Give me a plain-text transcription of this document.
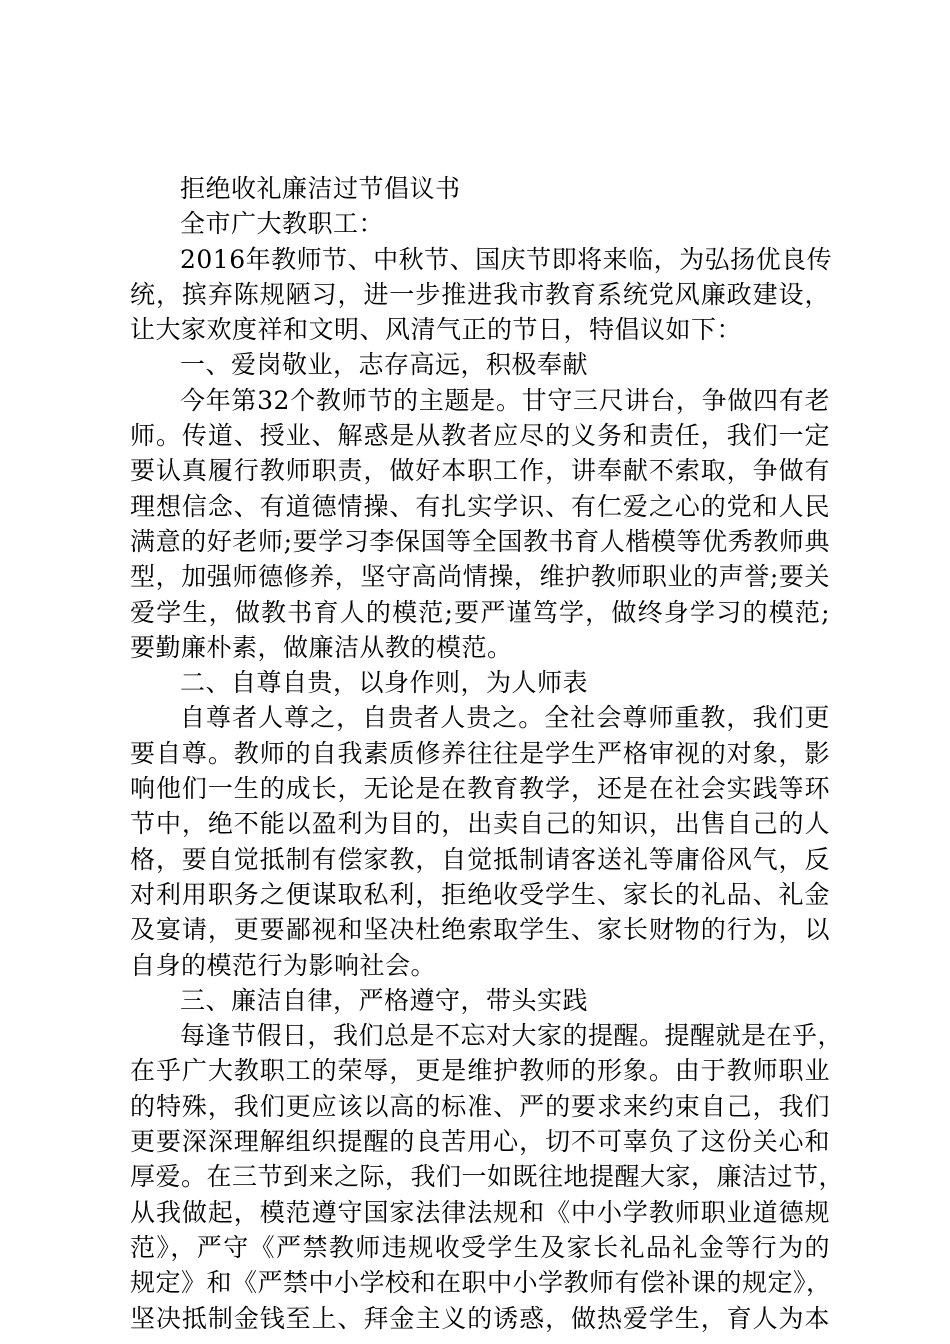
拒绝收礼廉洁过节倡议书
全市广大教职工：
2016年教师节、中秋节、国庆节即将来临，为弘扬优良传
统，摈弃陈规陋习，进一步推进我市教育系统党风廉政建设，
让大家欢度祥和文明、风清气正的节日，特倡议如下：
一、爱岗敬业，志存高远，积极奉献
今年第32个教师节的主题是。甘守三尺讲台，争做四有老
师。传道、授业、解惑是从教者应尽的义务和责任，我们一定
要认真履行教师职责，做好本职工作，讲奉献不索取，争做有
理想信念、有道德情操、有扎实学识、有仁爱之心的党和人民
满意的好老师;要学习李保国等全国教书育人楷模等优秀教师典
型，加强师德修养，坚守高尚情操，维护教师职业的声誉;要关
爱学生，做教书育人的模范;要严谨笃学，做终身学习的模范;
要勤廉朴素，做廉洁从教的模范。
二、自尊自贵，以身作则，为人师表
自尊者人尊之，自贵者人贵之。全社会尊师重教，我们更
要自尊。教师的自我素质修养往往是学生严格审视的对象，影
响他们一生的成长，无论是在教育教学，还是在社会实践等环
节中，绝不能以盈利为目的，出卖自己的知识，出售自己的人
格，要自觉抵制有偿家教，自觉抵制请客送礼等庸俗风气，反
对利用职务之便谋取私利，拒绝收受学生、家长的礼品、礼金
及宴请，更要鄙视和坚决杜绝索取学生、家长财物的行为，以
自身的模范行为影响社会。
三、廉洁自律，严格遵守，带头实践
每逢节假日，我们总是不忘对大家的提醒。提醒就是在乎，
在乎广大教职工的荣辱，更是维护教师的形象。由于教师职业
的特殊，我们更应该以高的标准、严的要求来约束自己，我们
更要深深理解组织提醒的良苦用心，切不可辜负了这份关心和
厚爱。在三节到来之际，我们一如既往地提醒大家，廉洁过节，
从我做起，模范遵守国家法律法规和《中小学教师职业道德规
范》，严守《严禁教师违规收受学生及家长礼品礼金等行为的
规定》和《严禁中小学校和在职中小学教师有偿补课的规定》，
坚决抵制金钱至上、拜金主义的诱惑，做热爱学生，育人为本
